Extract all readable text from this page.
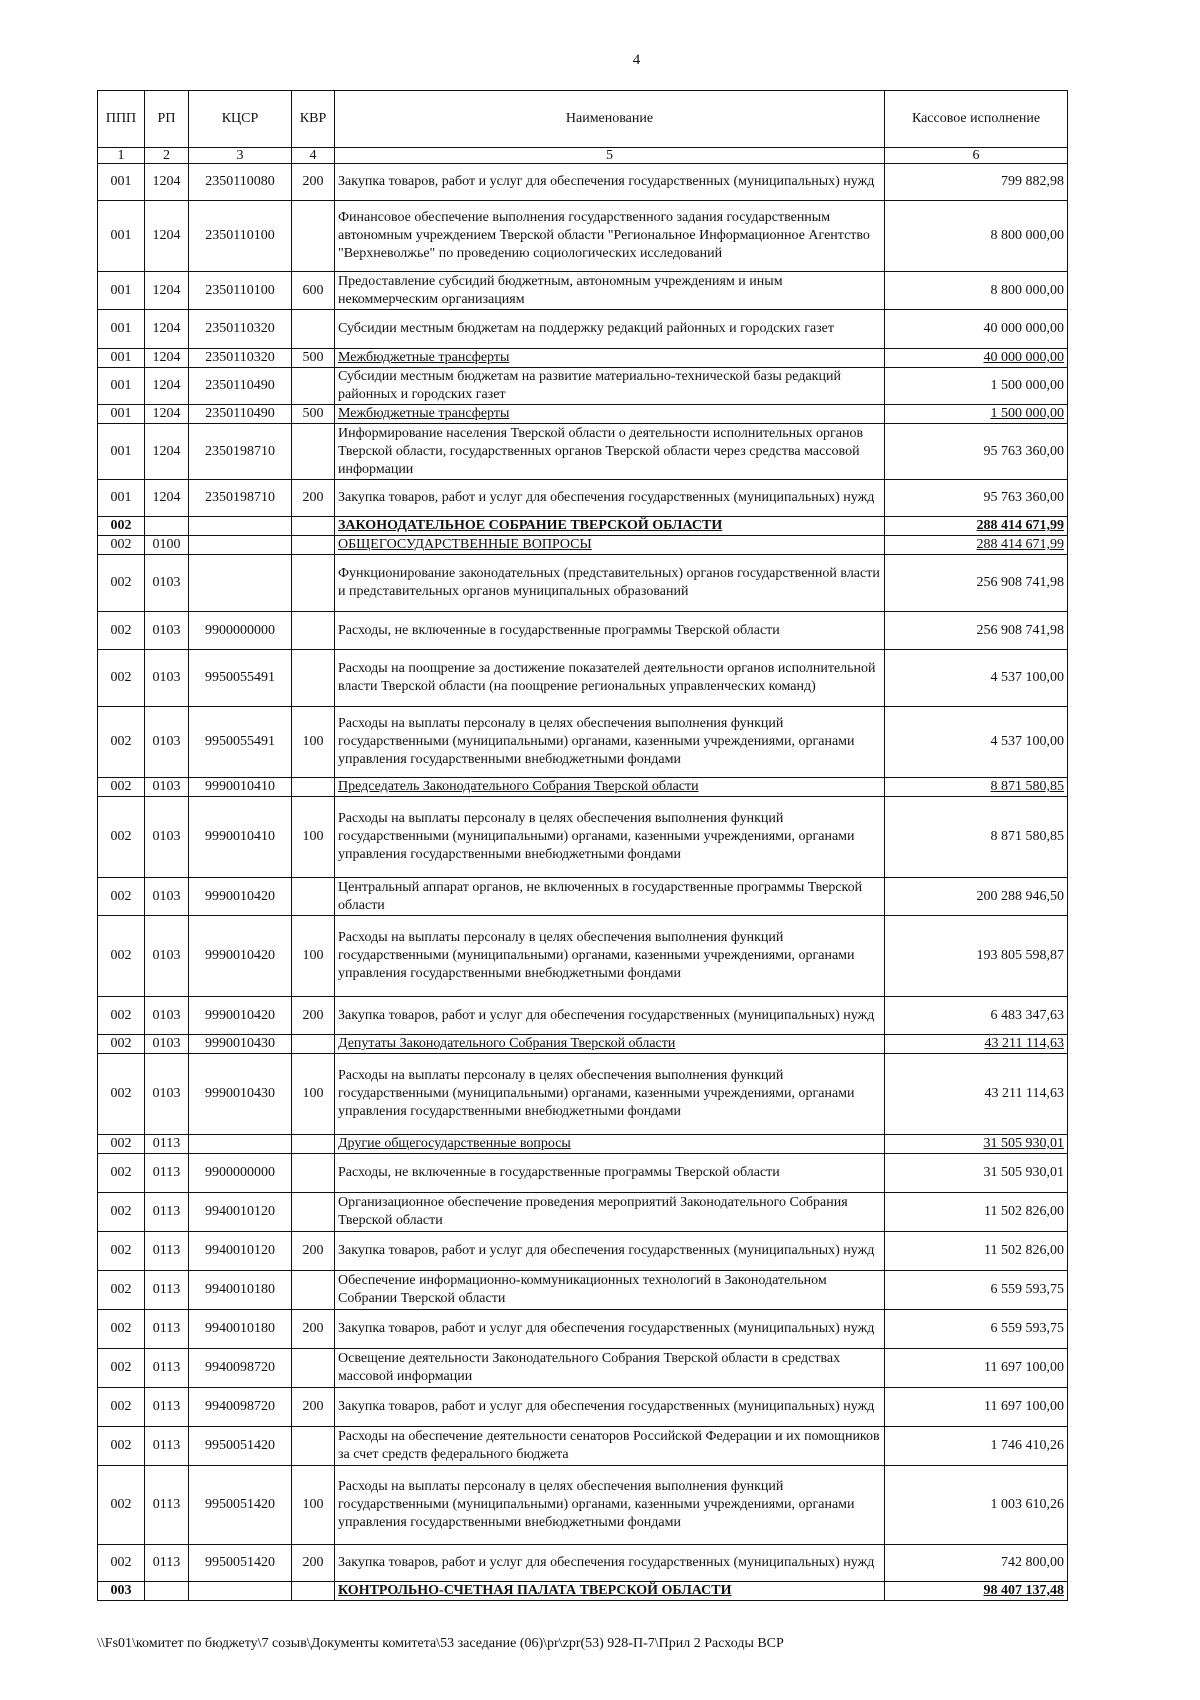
4
ППП	РП	КЦСР	КВР	Наименование	Кассовое исполнение
1	2	3	4	5	6
001	1204	2350110080	200	Закупка товаров, работ и услуг для обеспечения государственных (муниципальных) нужд	799 882,98
001	1204	2350110100		Финансовое обеспечение выполнения государственного задания государственным автономным учреждением Тверской области "Региональное Информационное Агентство "Верхневолжье" по проведению социологических исследований	8 800 000,00
001	1204	2350110100	600	Предоставление субсидий бюджетным, автономным учреждениям и иным некоммерческим организациям	8 800 000,00
001	1204	2350110320		Субсидии местным бюджетам на поддержку редакций районных и городских газет	40 000 000,00
001	1204	2350110320	500	Межбюджетные трансферты	40 000 000,00
001	1204	2350110490		Субсидии местным бюджетам на развитие материально-технической базы редакций районных и городских газет	1 500 000,00
001	1204	2350110490	500	Межбюджетные трансферты	1 500 000,00
001	1204	2350198710		Информирование населения Тверской области о деятельности исполнительных органов Тверской области, государственных органов Тверской области через средства массовой информации	95 763 360,00
001	1204	2350198710	200	Закупка товаров, работ и услуг для обеспечения государственных (муниципальных) нужд	95 763 360,00
002				ЗАКОНОДАТЕЛЬНОЕ СОБРАНИЕ ТВЕРСКОЙ ОБЛАСТИ	288 414 671,99
002	0100			ОБЩЕГОСУДАРСТВЕННЫЕ ВОПРОСЫ	288 414 671,99
002	0103			Функционирование законодательных (представительных) органов государственной власти и представительных органов муниципальных образований	256 908 741,98
002	0103	9900000000		Расходы, не включенные в государственные программы Тверской области	256 908 741,98
002	0103	9950055491		Расходы на поощрение за достижение показателей деятельности органов исполнительной власти Тверской области (на поощрение региональных управленческих команд)	4 537 100,00
002	0103	9950055491	100	Расходы на выплаты персоналу в целях обеспечения выполнения функций государственными (муниципальными) органами, казенными учреждениями, органами управления государственными внебюджетными фондами	4 537 100,00
002	0103	9990010410		Председатель Законодательного Собрания Тверской области	8 871 580,85
002	0103	9990010410	100	Расходы на выплаты персоналу в целях обеспечения выполнения функций государственными (муниципальными) органами, казенными учреждениями, органами управления государственными внебюджетными фондами	8 871 580,85
002	0103	9990010420		Центральный аппарат органов, не включенных в государственные программы Тверской области	200 288 946,50
002	0103	9990010420	100	Расходы на выплаты персоналу в целях обеспечения выполнения функций государственными (муниципальными) органами, казенными учреждениями, органами управления государственными внебюджетными фондами	193 805 598,87
002	0103	9990010420	200	Закупка товаров, работ и услуг для обеспечения государственных (муниципальных) нужд	6 483 347,63
002	0103	9990010430		Депутаты Законодательного Собрания Тверской области	43 211 114,63
002	0103	9990010430	100	Расходы на выплаты персоналу в целях обеспечения выполнения функций государственными (муниципальными) органами, казенными учреждениями, органами управления государственными внебюджетными фондами	43 211 114,63
002	0113			Другие общегосударственные вопросы	31 505 930,01
002	0113	9900000000		Расходы, не включенные в государственные программы Тверской области	31 505 930,01
002	0113	9940010120		Организационное обеспечение проведения мероприятий Законодательного Собрания Тверской области	11 502 826,00
002	0113	9940010120	200	Закупка товаров, работ и услуг для обеспечения государственных (муниципальных) нужд	11 502 826,00
002	0113	9940010180		Обеспечение информационно-коммуникационных технологий в Законодательном Собрании Тверской области	6 559 593,75
002	0113	9940010180	200	Закупка товаров, работ и услуг для обеспечения государственных (муниципальных) нужд	6 559 593,75
002	0113	9940098720		Освещение деятельности Законодательного Собрания Тверской области в средствах массовой информации	11 697 100,00
002	0113	9940098720	200	Закупка товаров, работ и услуг для обеспечения государственных (муниципальных) нужд	11 697 100,00
002	0113	9950051420		Расходы на обеспечение деятельности сенаторов Российской Федерации и их помощников за счет средств федерального бюджета	1 746 410,26
002	0113	9950051420	100	Расходы на выплаты персоналу в целях обеспечения выполнения функций государственными (муниципальными) органами, казенными учреждениями, органами управления государственными внебюджетными фондами	1 003 610,26
002	0113	9950051420	200	Закупка товаров, работ и услуг для обеспечения государственных (муниципальных) нужд	742 800,00
003				КОНТРОЛЬНО-СЧЕТНАЯ ПАЛАТА ТВЕРСКОЙ ОБЛАСТИ	98 407 137,48
\\Fs01\комитет по бюджету\7 созыв\Документы комитета\53 заседание (06)\pr\zpr(53) 928-П-7\Прил 2 Расходы ВСР
